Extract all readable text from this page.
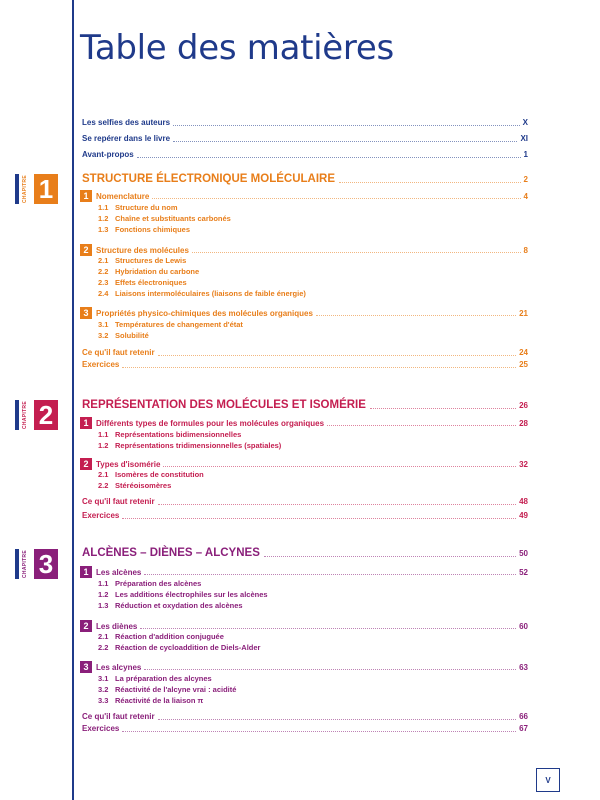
Table des matières
Les selfies des auteurs	X
Se repérer dans le livre	XI
Avant-propos	1
CHAPITRE 1	STRUCTURE ÉLECTRONIQUE MOLÉCULAIRE	2
1 Nomenclature	4
1.1 Structure du nom
1.2 Chaîne et substituants carbonés
1.3 Fonctions chimiques
2 Structure des molécules	8
2.1 Structures de Lewis
2.2 Hybridation du carbone
2.3 Effets électroniques
2.4 Liaisons intermoléculaires (liaisons de faible énergie)
3 Propriétés physico-chimiques des molécules organiques	21
3.1 Températures de changement d'état
3.2 Solubilité
Ce qu'il faut retenir	24
Exercices	25
CHAPITRE 2	REPRÉSENTATION DES MOLÉCULES ET ISOMÉRIE	26
1 Différents types de formules pour les molécules organiques	28
1.1 Représentations bidimensionnelles
1.2 Représentations tridimensionnelles (spatiales)
2 Types d'isomérie	32
2.1 Isomères de constitution
2.2 Stéréoisomères
Ce qu'il faut retenir	48
Exercices	49
CHAPITRE 3	ALCÈNES – DIÈNES – ALCYNES	50
1 Les alcènes	52
1.1 Préparation des alcènes
1.2 Les additions électrophiles sur les alcènes
1.3 Réduction et oxydation des alcènes
2 Les diènes	60
2.1 Réaction d'addition conjuguée
2.2 Réaction de cycloaddition de Diels-Alder
3 Les alcynes	63
3.1 La préparation des alcynes
3.2 Réactivité de l'alcyne vrai : acidité
3.3 Réactivité de la liaison π
Ce qu'il faut retenir	66
Exercices	67
V
